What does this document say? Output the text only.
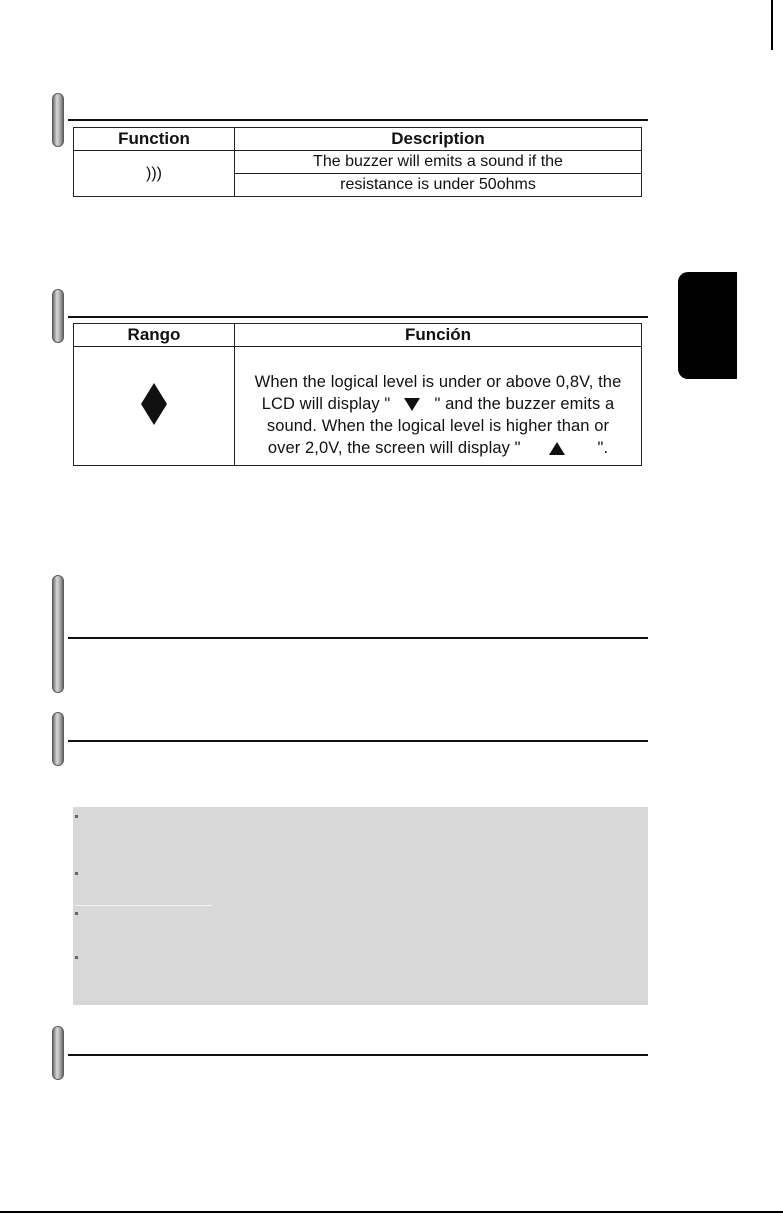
Function	Description
)))	The buzzer will emits a sound if the
	resistance is under 50ohms
Rango	Función

	When the logical level is under or above 0,8V, the
LCD will display " " and the buzzer emits a
sound. When the logical level is higher than or
over 2,0V, the screen will display " ".
